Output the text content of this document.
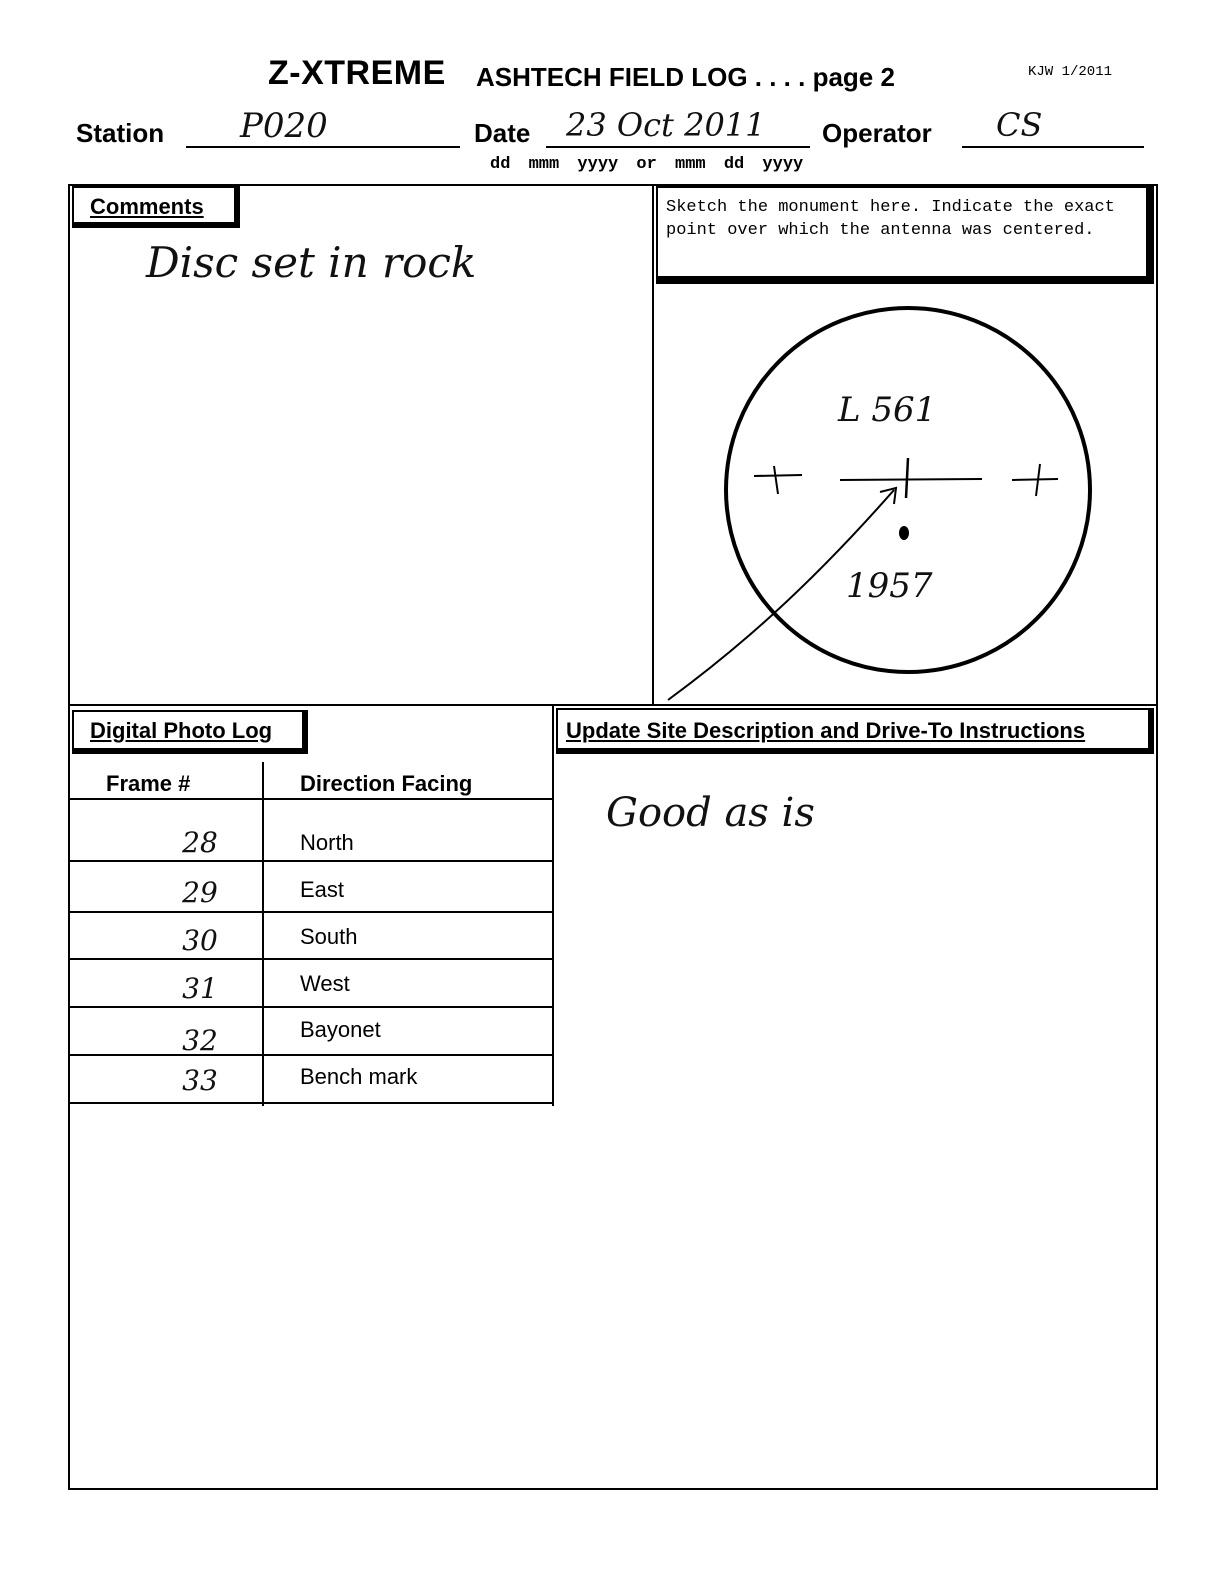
Z-XTREME ASHTECH FIELD LOG . . . . page 2	KJW 1/2011
Station P020	Date 23 Oct 2011 Operator CS
dd mmm yyyy or mmm dd yyyy
Comments
Disc set in rock
Sketch the monument here. Indicate the exact point over which the antenna was centered.
L 561
1957
Digital Photo Log
Frame #	Direction Facing
28	North
29	East
30	South
31	West
32	Bayonet
33	Bench mark
Update Site Description and Drive-To Instructions
Good as is
